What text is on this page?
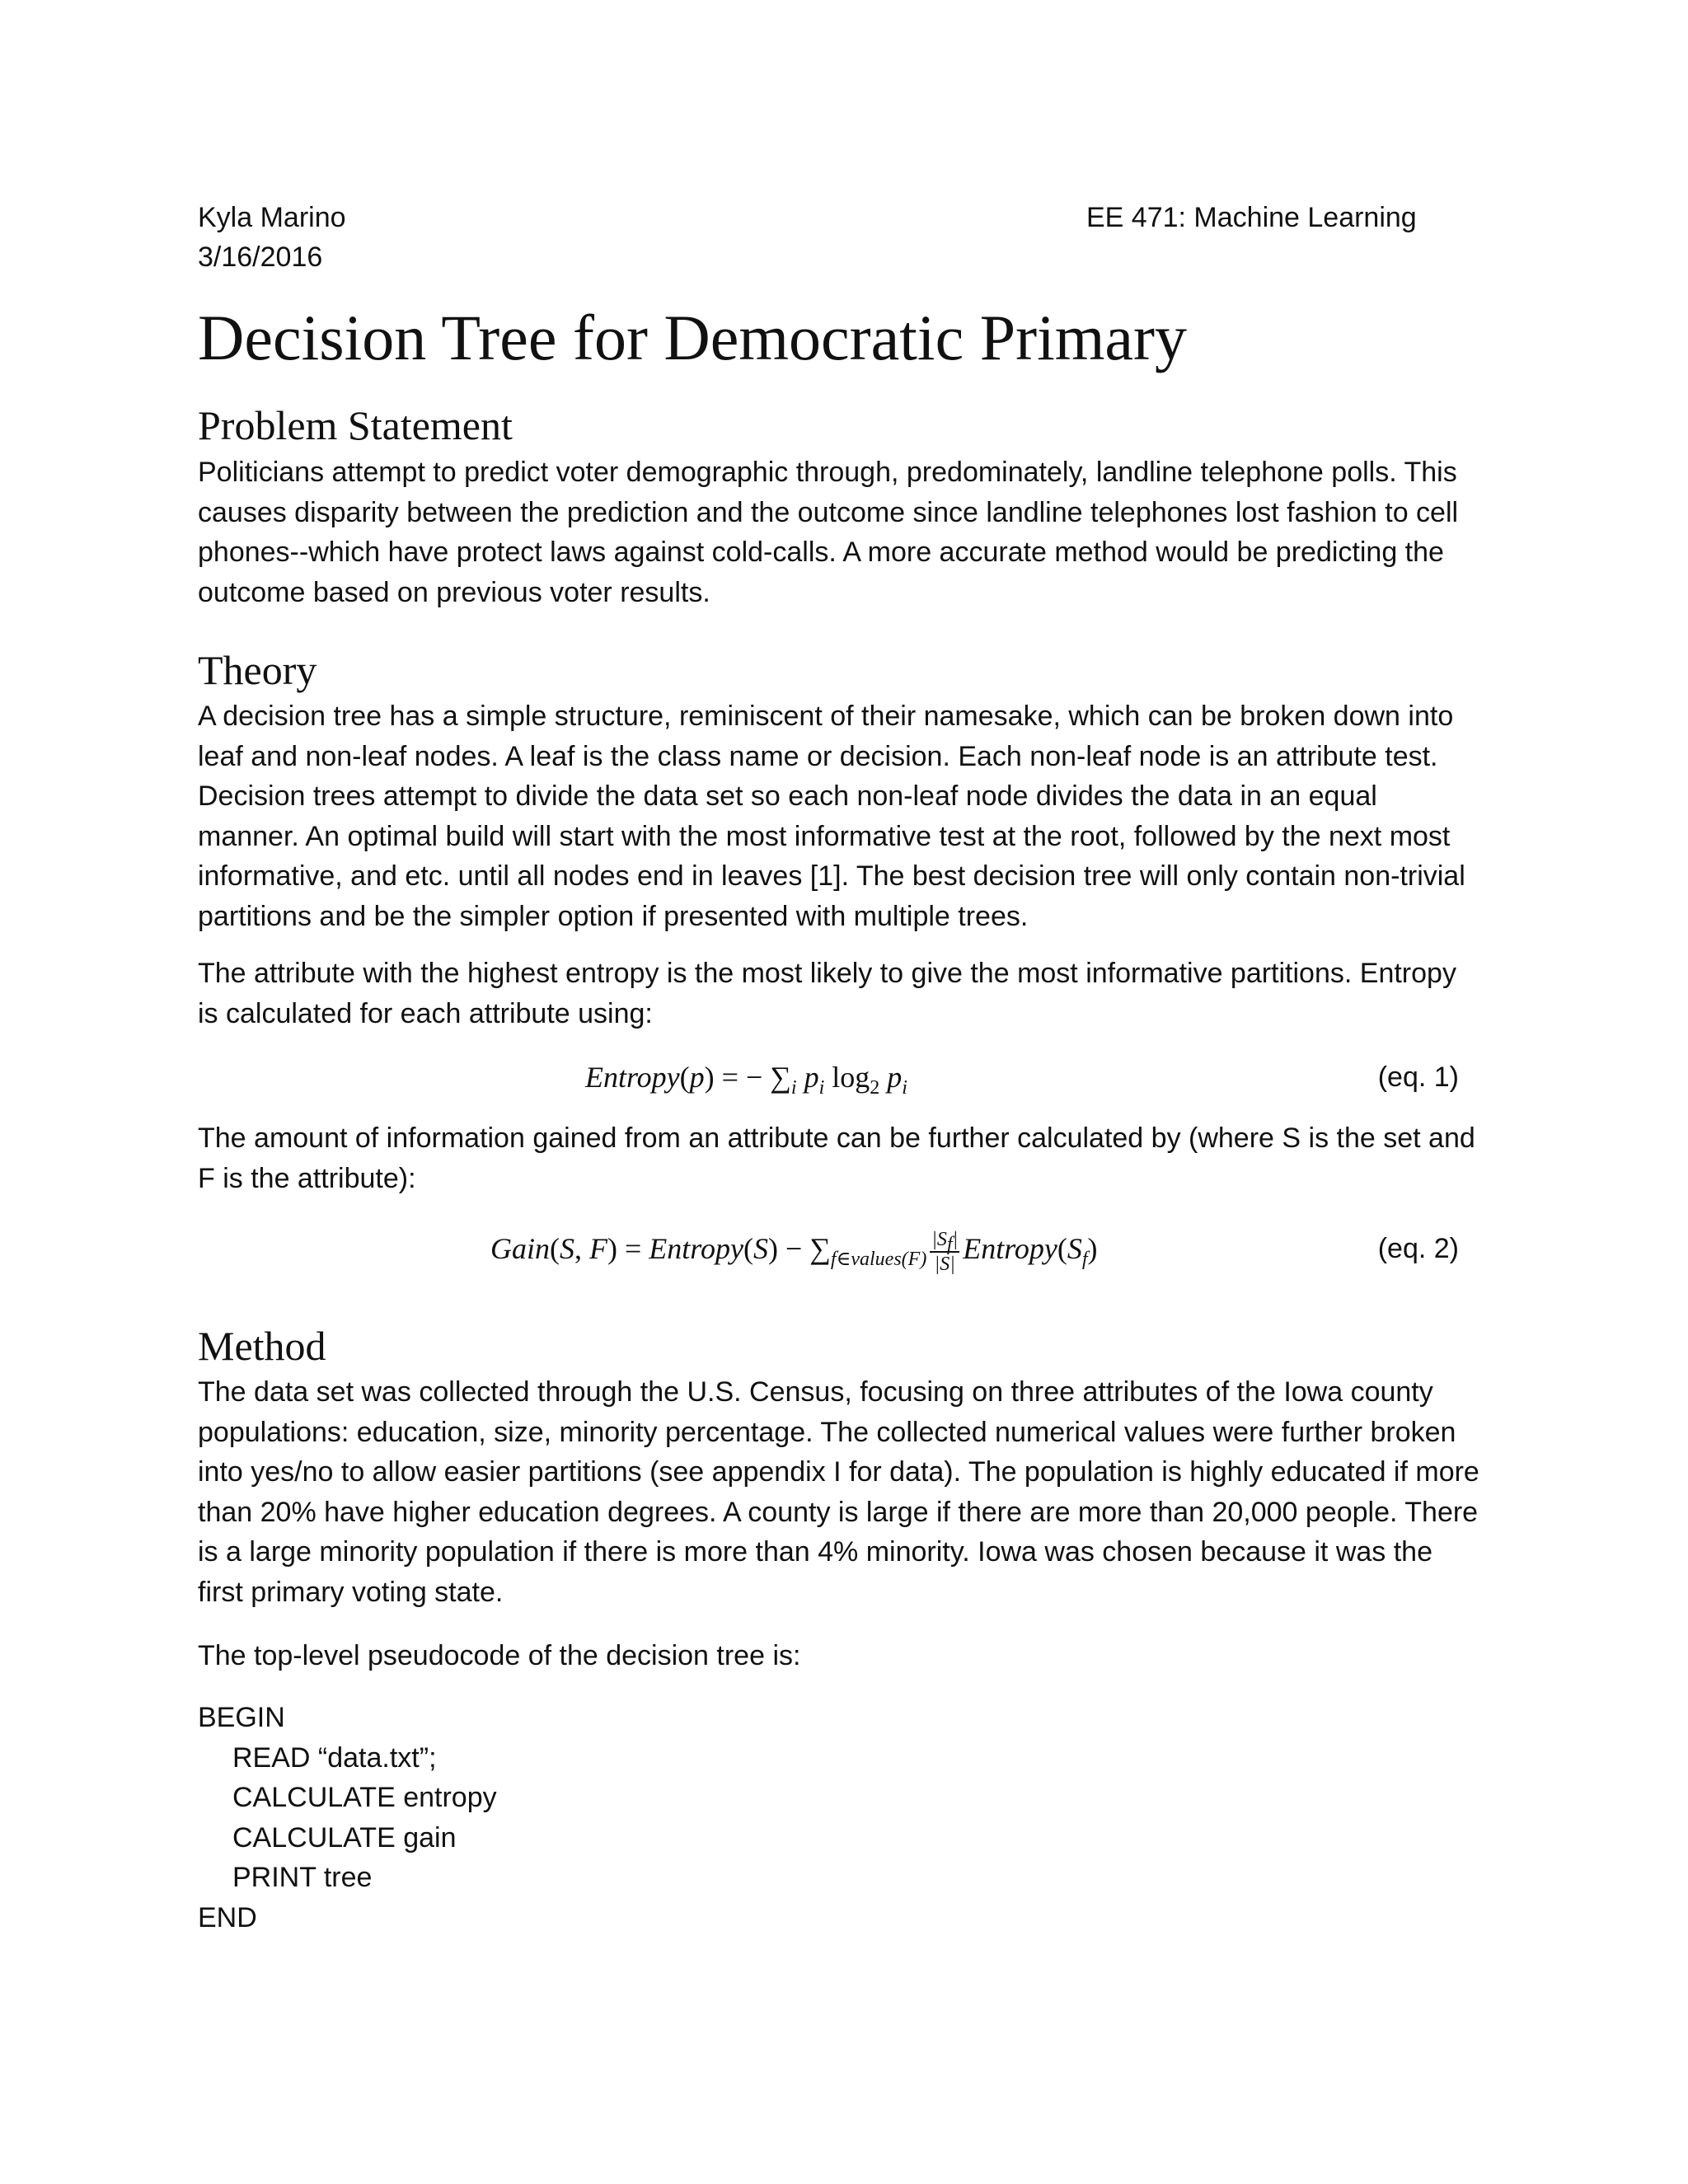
Kyla Marino
3/16/2016
EE 471: Machine Learning
Decision Tree for Democratic Primary
Problem Statement

Politicians attempt to predict voter demographic through, predominately, landline telephone polls. This causes disparity between the prediction and the outcome since landline telephones lost fashion to cell phones--which have protect laws against cold-calls. A more accurate method would be predicting the outcome based on previous voter results.

Theory

A decision tree has a simple structure, reminiscent of their namesake, which can be broken down into leaf and non-leaf nodes. A leaf is the class name or decision. Each non-leaf node is an attribute test. Decision trees attempt to divide the data set so each non-leaf node divides the data in an equal manner. An optimal build will start with the most informative test at the root, followed by the next most informative, and etc. until all nodes end in leaves [1]. The best decision tree will only contain non-trivial partitions and be the simpler option if presented with multiple trees.

The attribute with the highest entropy is the most likely to give the most informative partitions. Entropy is calculated for each attribute using:

Entropy(p) = − $\sum_i$ $p_i$ $\log_2 p_i$	(eq. 1)

The amount of information gained from an attribute can be further calculated by (where S is the set and F is the attribute):

Gain(S, F) = Entropy(S) − $\sum_{f\in values(F)} \frac{|S_f|}{|S|}$ $Entropy(S_f)$	(eq. 2)
Method

The data set was collected through the U.S. Census, focusing on three attributes of the Iowa county populations: education, size, minority percentage. The collected numerical values were further broken into yes/no to allow easier partitions (see appendix I for data). The population is highly educated if more than 20% have higher education degrees. A county is large if there are more than 20,000 people. There is a large minority population if there is more than 4% minority. Iowa was chosen because it was the first primary voting state.

The top-level pseudocode of the decision tree is:

BEGIN
READ “data.txt”;
CALCULATE entropy
CALCULATE gain
PRINT tree
END
